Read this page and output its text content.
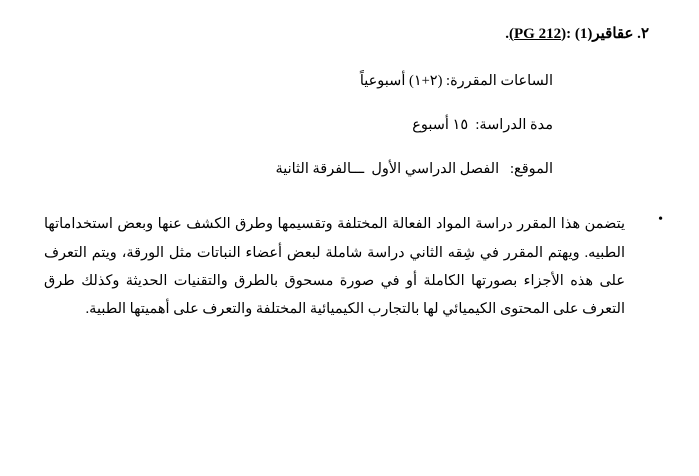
٢. عقاقير(1) :(PG 212).
الساعات المقررة: (٢+١) أسبوعياً
مدة الدراسة:  ١٥ أسبوع
الموقع:   الفصل الدراسي الأول  ـــالفرقة الثانية
•
يتضمن هذا المقرر دراسة المواد الفعالة المختلفة وتقسيمها وطرق الكشف عنها وبعض استخداماتها الطبيه. ويهتم المقرر في شِقه الثاني دراسة شاملة لبعض أعضاء النباتات مثل الورقة، ويتم التعرف على هذه الأجزاء بصورتها الكاملة أو في صورة مسحوق بالطرق والتقنيات الحديثة وكذلك طرق التعرف على المحتوى الكيميائي لها بالتجارب الكيميائية المختلفة والتعرف على أهميتها الطبية.
